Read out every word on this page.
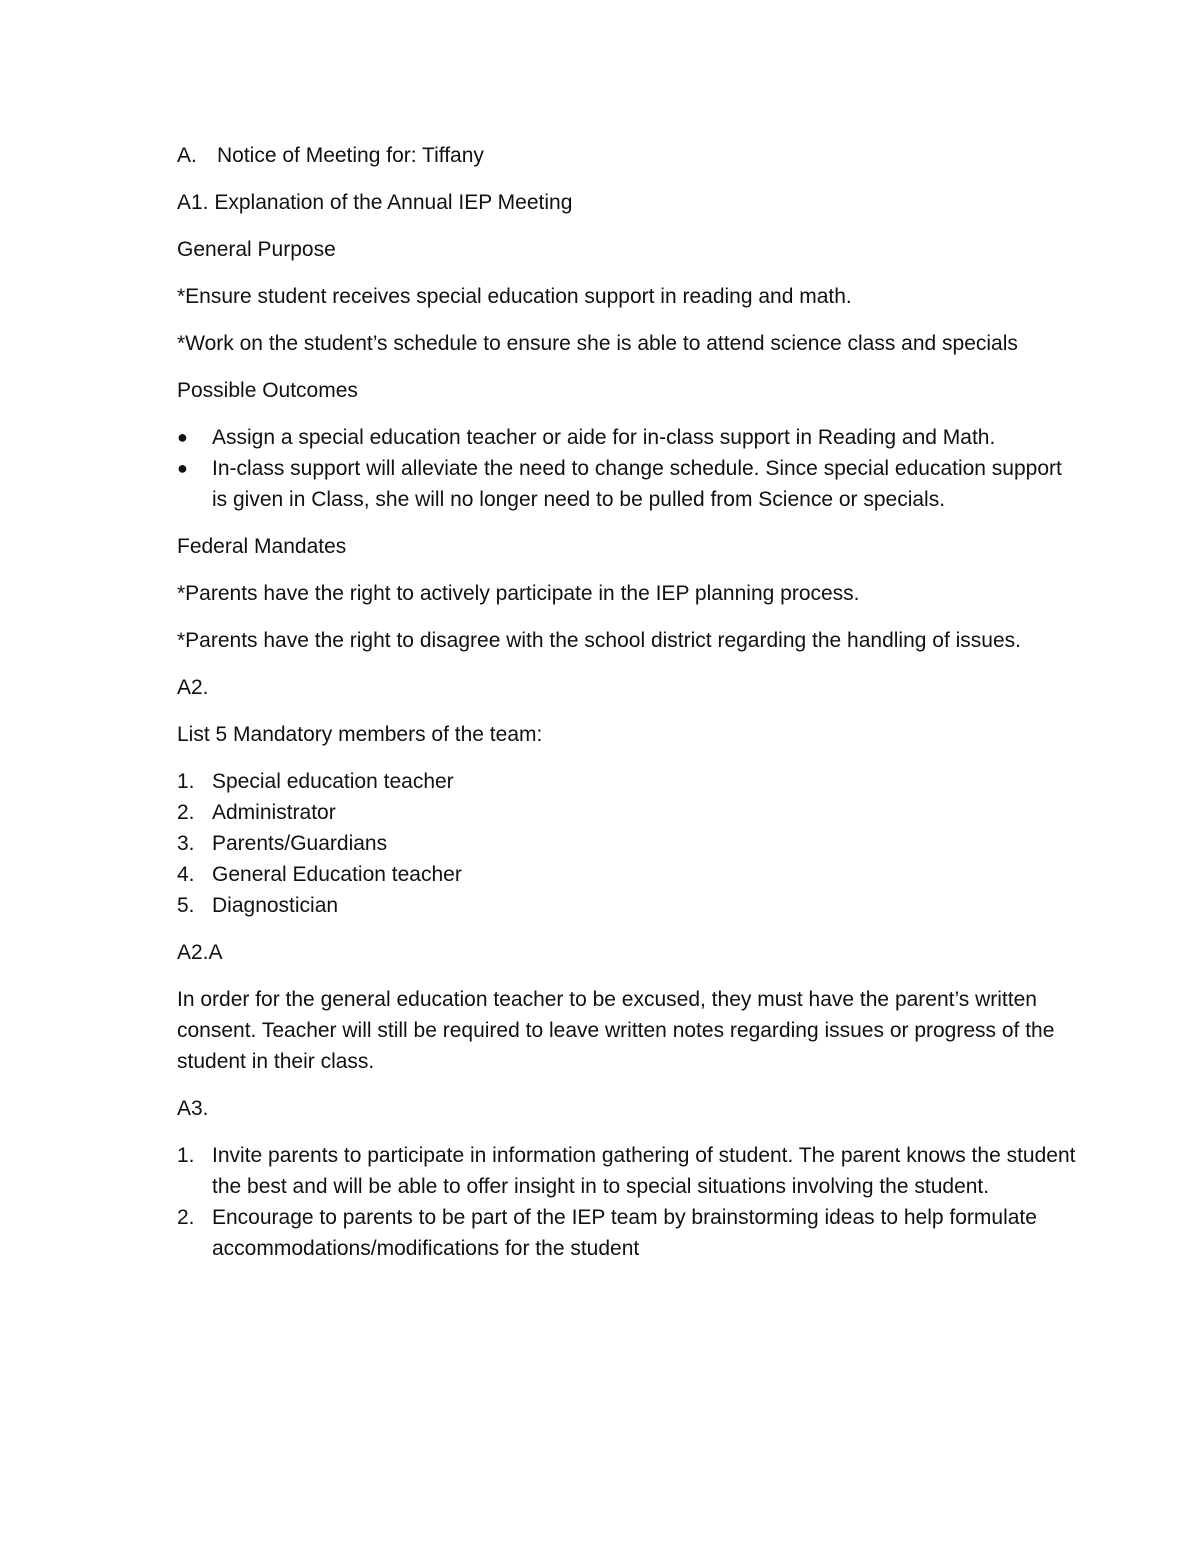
A. Notice of Meeting for: Tiffany

A1. Explanation of the Annual IEP Meeting

General Purpose

*Ensure student receives special education support in reading and math.

*Work on the student’s schedule to ensure she is able to attend science class and specials

Possible Outcomes

●	Assign a special education teacher or aide for in-class support in Reading and Math.
●	In-class support will alleviate the need to change schedule. Since special education support is given in Class, she will no longer need to be pulled from Science or specials.

Federal Mandates

*Parents have the right to actively participate in the IEP planning process.

*Parents have the right to disagree with the school district regarding the handling of issues.

A2.

List 5 Mandatory members of the team:

1. Special education teacher
2. Administrator
3. Parents/Guardians
4. General Education teacher
5. Diagnostician

A2.A

In order for the general education teacher to be excused, they must have the parent’s written consent. Teacher will still be required to leave written notes regarding issues or progress of the student in their class.

A3.

1. Invite parents to participate in information gathering of student. The parent knows the student the best and will be able to offer insight in to special situations involving the student.
2. Encourage to parents to be part of the IEP team by brainstorming ideas to help formulate accommodations/modifications for the student
